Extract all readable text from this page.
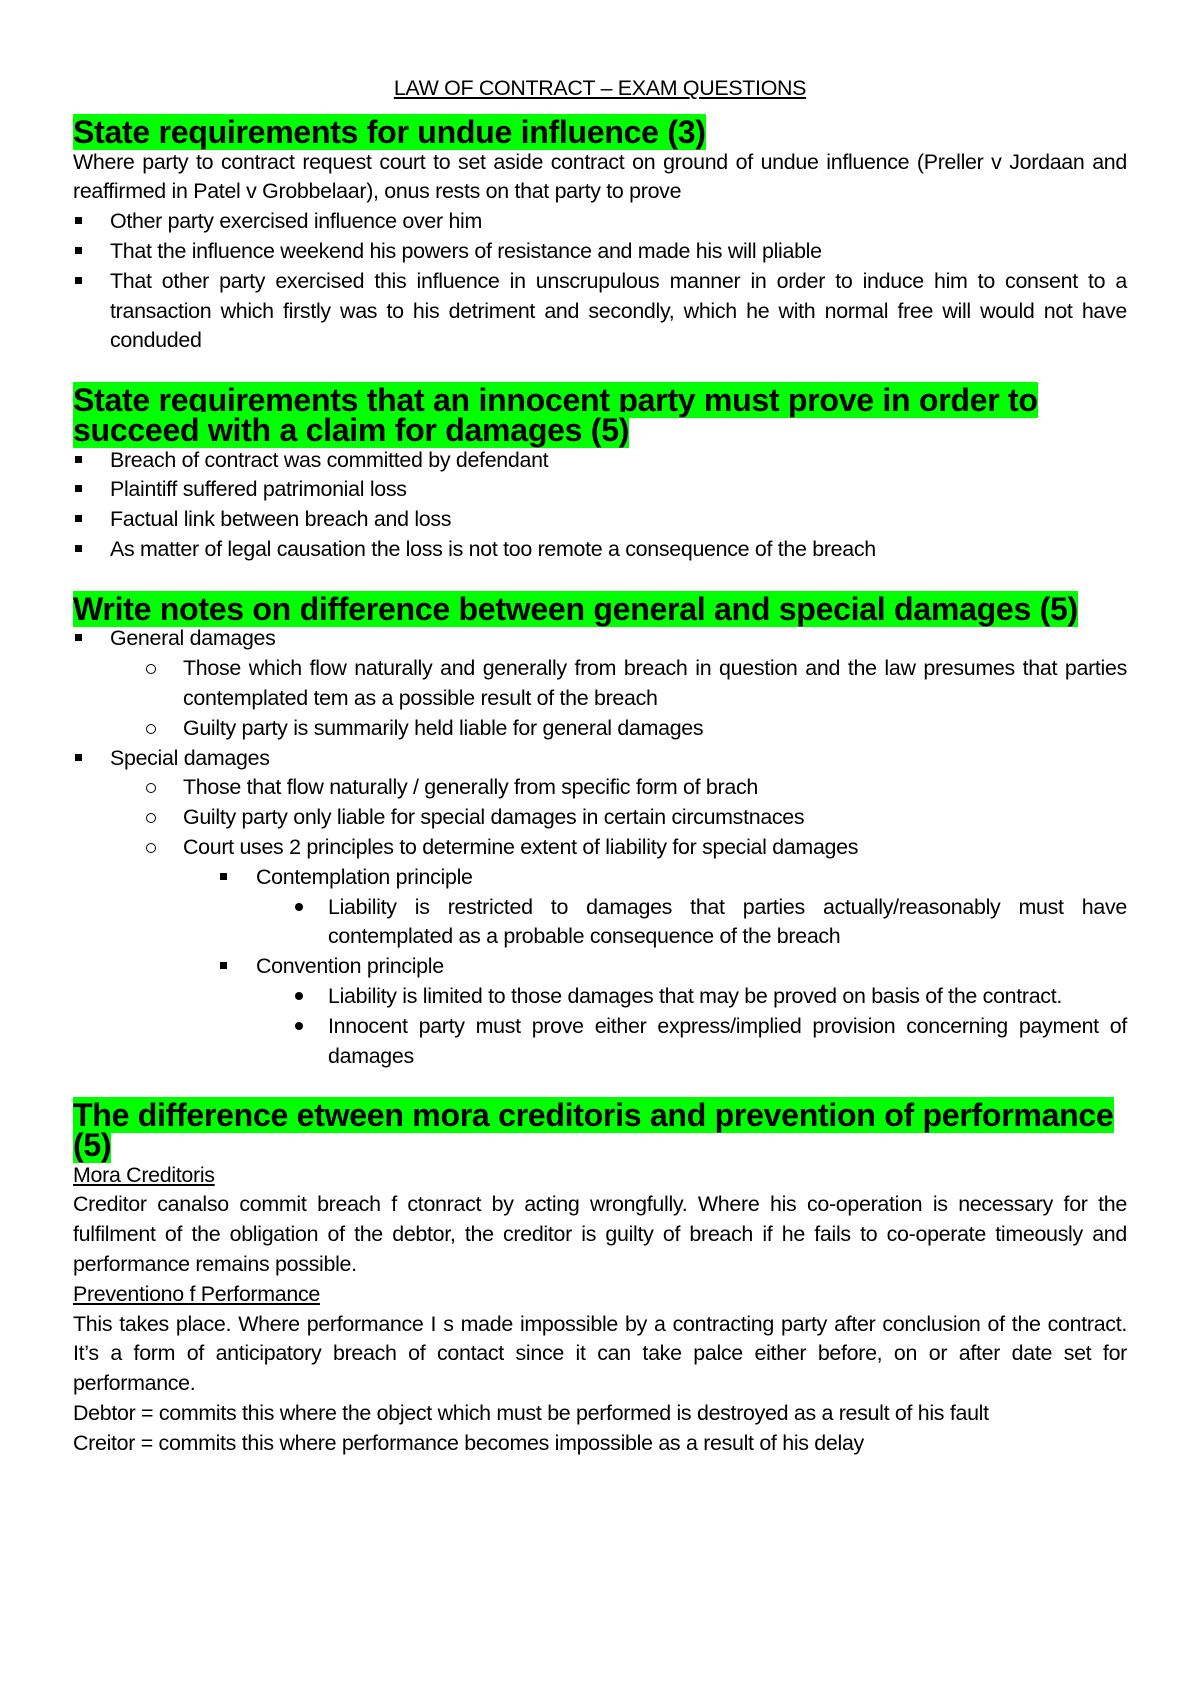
LAW OF CONTRACT – EXAM QUESTIONS
State requirements for undue influence (3)

Where party to contract request court to set aside contract on ground of undue influence (Preller v Jordaan and reaffirmed in Patel v Grobbelaar), onus rests on that party to prove

Other party exercised influence over him
That the influence weekend his powers of resistance and made his will pliable
That other party exercised this influence in unscrupulous manner in order to induce him to consent to a transaction which firstly was to his detriment and secondly, which he with normal free will would not have conduded
State requirements that an innocent party must prove in order to succeed with a claim for damages (5)
Breach of contract was committed by defendant
Plaintiff suffered patrimonial loss
Factual link between breach and loss
As matter of legal causation the loss is not too remote a consequence of the breach
Write notes on difference between general and special damages (5)
General damages
Those which flow naturally and generally from breach in question and the law presumes that parties contemplated tem as a possible result of the breach
Guilty party is summarily held liable for general damages
Special damages
Those that flow naturally / generally from specific form of brach
Guilty party only liable for special damages in certain circumstnaces
Court uses 2 principles to determine extent of liability for special damages
Contemplation principle
Liability is restricted to damages that parties actually/reasonably must have contemplated as a probable consequence of the breach
Convention principle
Liability is limited to those damages that may be proved on basis of the contract.
Innocent party must prove either express/implied provision concerning payment of damages
The difference etween mora creditoris and prevention of performance (5)

Mora Creditoris

Creditor canalso commit breach f ctonract by acting wrongfully. Where his co-operation is necessary for the fulfilment of the obligation of the debtor, the creditor is guilty of breach if he fails to co-operate timeously and performance remains possible.

Preventiono f Performance

This takes place. Where performance I s made impossible by a contracting party after conclusion of the contract. It’s a form of anticipatory breach of contact since it can take palce either before, on or after date set for performance.

Debtor = commits this where the object which must be performed is destroyed as a result of his fault

Creitor = commits this where performance becomes impossible as a result of his delay
